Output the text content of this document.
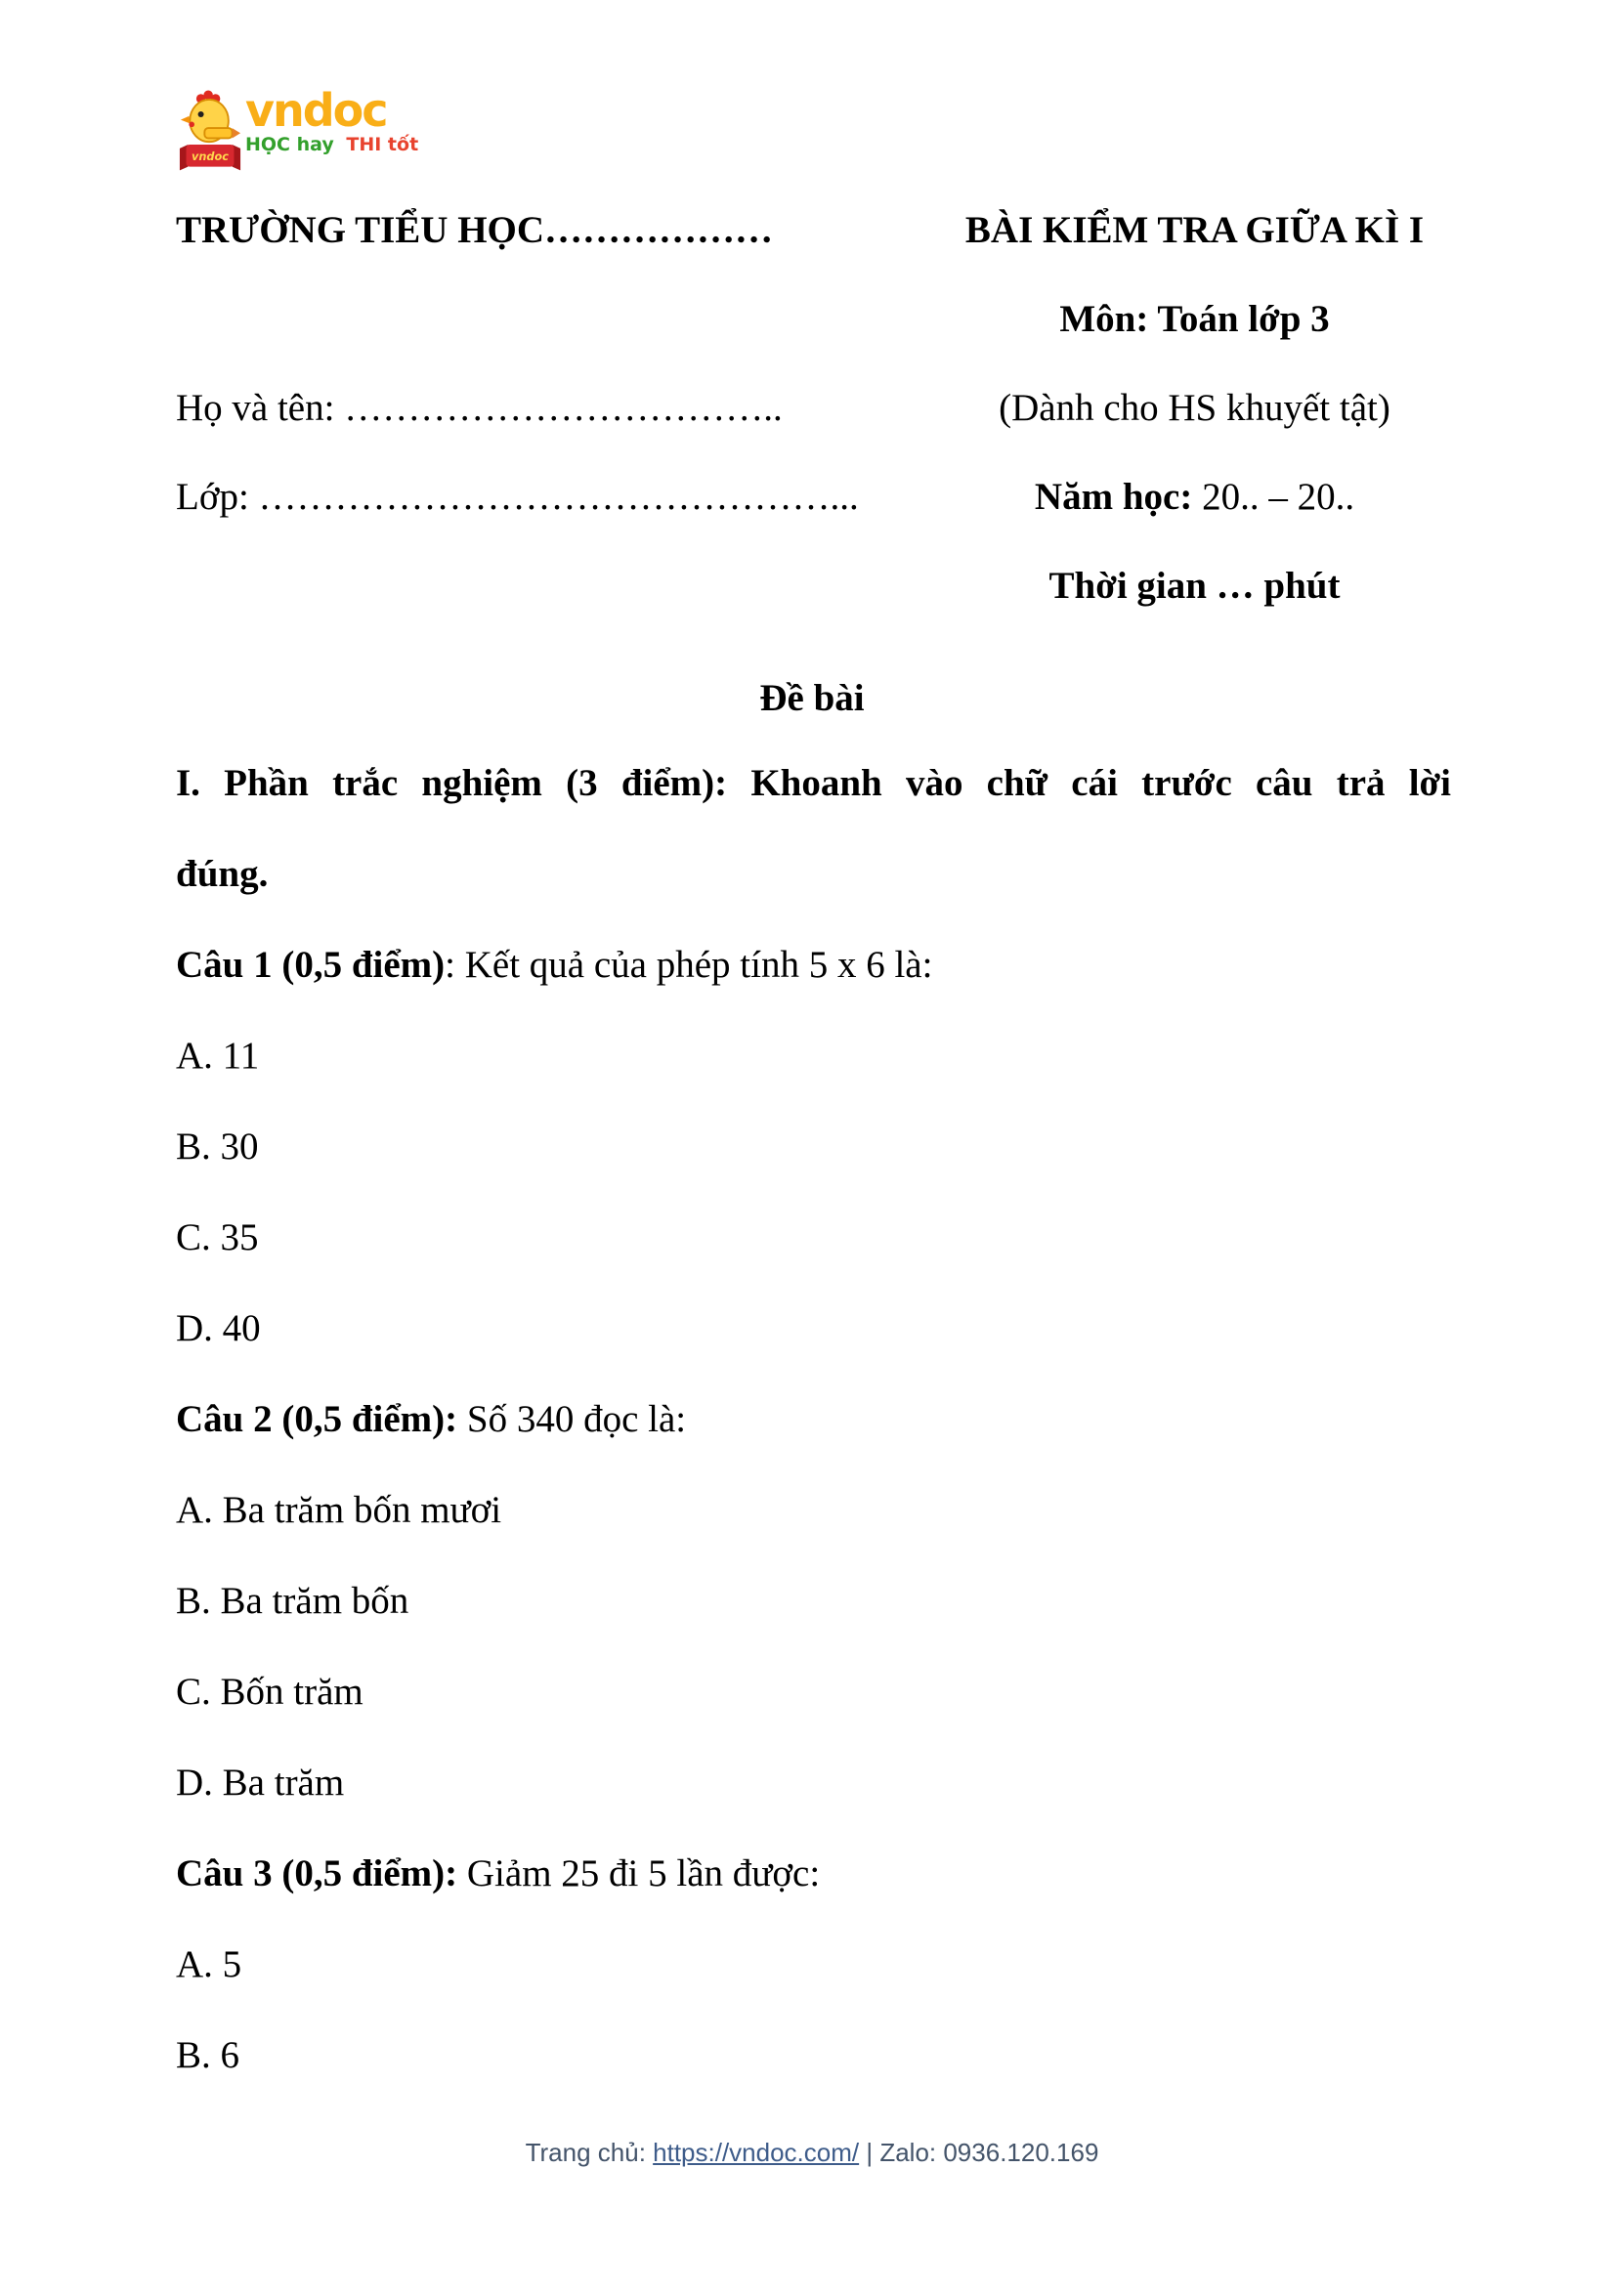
vndoc
vndoc
HỌC hay THI tốt
TRƯỜNG TIỂU HỌC………………
Họ và tên: ……………………………..
Lớp: ………………………………………...
BÀI KIỂM TRA GIỮA KÌ I
Môn: Toán lớp 3
(Dành cho HS khuyết tật)
Năm học: 20.. – 20..
Thời gian … phút
Đề bài
I. Phần trắc nghiệm (3 điểm): Khoanh vào chữ cái trước câu trả lời
đúng.
Câu 1 (0,5 điểm): Kết quả của phép tính 5 x 6 là:
A. 11
B. 30
C. 35
D. 40
Câu 2 (0,5 điểm): Số 340 đọc là:
A. Ba trăm bốn mươi
B. Ba trăm bốn
C. Bốn trăm
D. Ba trăm
Câu 3 (0,5 điểm): Giảm 25 đi 5 lần được:
A. 5
B. 6
Trang chủ: https://vndoc.com/ | Zalo: 0936.120.169
